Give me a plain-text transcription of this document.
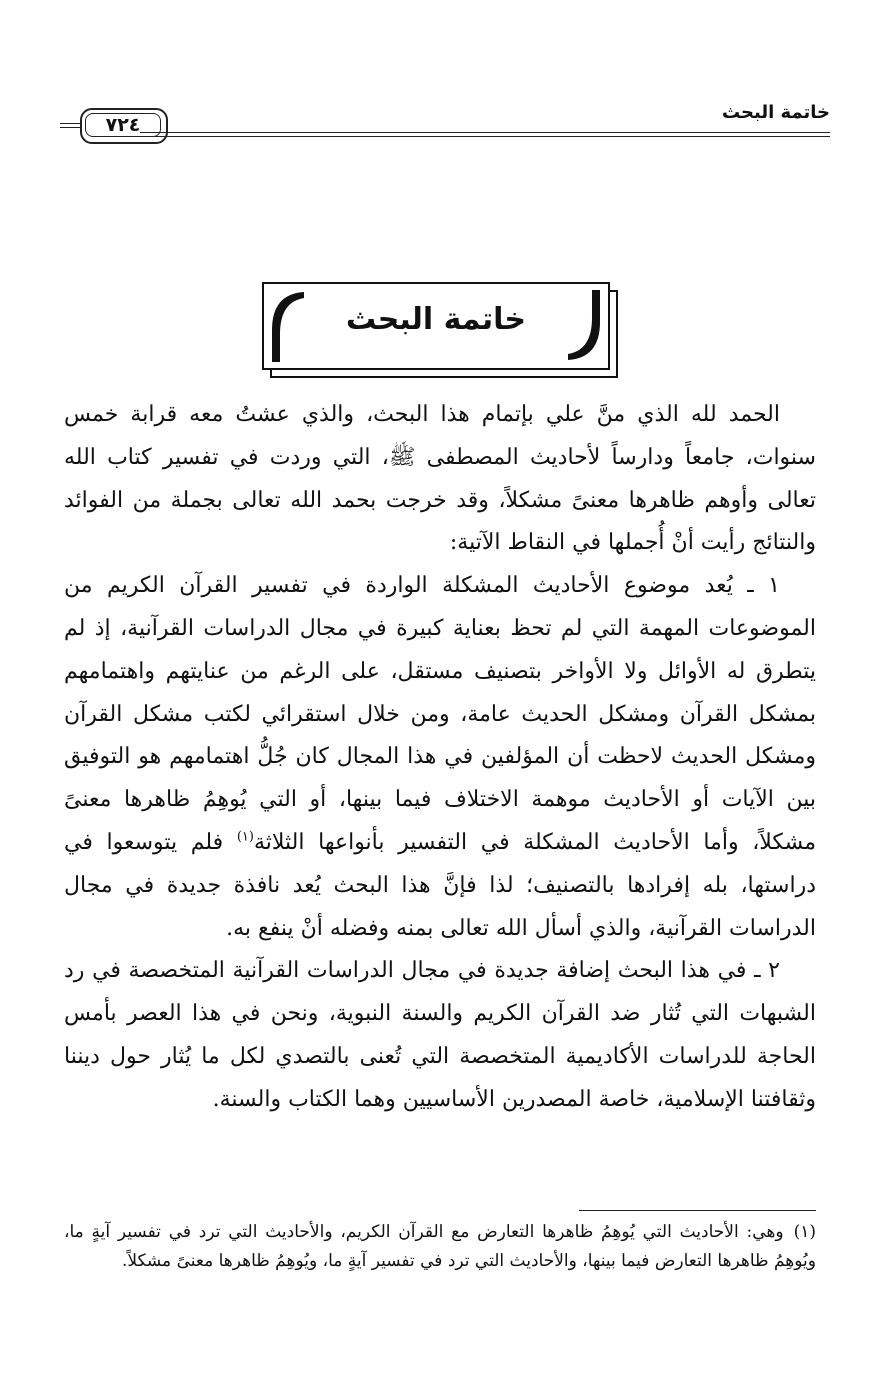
خاتمة البحث
٧٢٤
خاتمة البحث

الحمد لله الذي منَّ علي بإتمام هذا البحث، والذي عشتُ معه قرابة خمس سنوات، جامعاً ودارساً لأحاديث المصطفى ﷺ، التي وردت في تفسير كتاب الله تعالى وأوهم ظاهرها معنىً مشكلاً، وقد خرجت بحمد الله تعالى بجملة من الفوائد والنتائج رأيت أنْ أُجملها في النقاط الآتية:

١ ـ يُعد موضوع الأحاديث المشكلة الواردة في تفسير القرآن الكريم من الموضوعات المهمة التي لم تحظ بعناية كبيرة في مجال الدراسات القرآنية، إذ لم يتطرق له الأوائل ولا الأواخر بتصنيف مستقل، على الرغم من عنايتهم واهتمامهم بمشكل القرآن ومشكل الحديث عامة، ومن خلال استقرائي لكتب مشكل القرآن ومشكل الحديث لاحظت أن المؤلفين في هذا المجال كان جُلُّ اهتمامهم هو التوفيق بين الآيات أو الأحاديث موهمة الاختلاف فيما بينها، أو التي يُوهِمُ ظاهرها معنىً مشكلاً، وأما الأحاديث المشكلة في التفسير بأنواعها الثلاثة$^{(١)}$ فلم يتوسعوا في دراستها، بله إفرادها بالتصنيف؛ لذا فإنَّ هذا البحث يُعد نافذة جديدة في مجال الدراسات القرآنية، والذي أسأل الله تعالى بمنه وفضله أنْ ينفع به.

٢ ـ في هذا البحث إضافة جديدة في مجال الدراسات القرآنية المتخصصة في رد الشبهات التي تُثار ضد القرآن الكريم والسنة النبوية، ونحن في هذا العصر بأمس الحاجة للدراسات الأكاديمية المتخصصة التي تُعنى بالتصدي لكل ما يُثار حول ديننا وثقافتنا الإسلامية، خاصة المصدرين الأساسيين وهما الكتاب والسنة.

(١)وهي: الأحاديث التي يُوهِمُ ظاهرها التعارض مع القرآن الكريم، والأحاديث التي ترد في تفسير آيةٍ ما، ويُوهِمُ ظاهرها التعارض فيما بينها، والأحاديث التي ترد في تفسير آيةٍ ما، ويُوهِمُ ظاهرها معنىً مشكلاً.
